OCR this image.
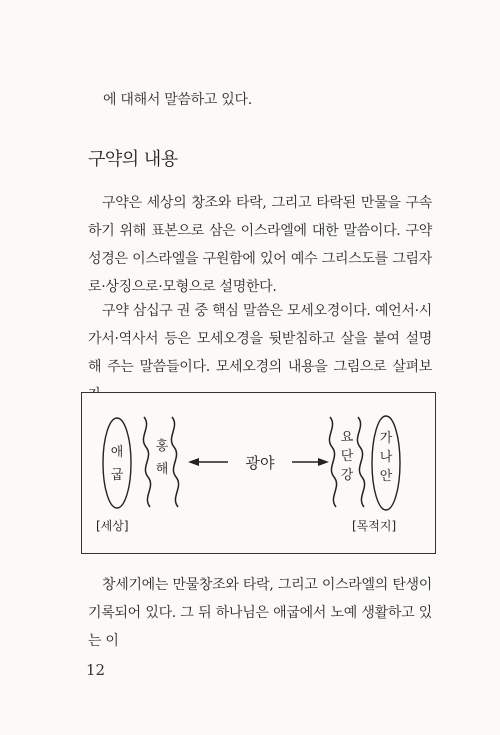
에 대해서 말씀하고 있다.

구약의 내용

구약은 세상의 창조와 타락, 그리고 타락된 만물을 구속하기 위해 표본으로 삼은 이스라엘에 대한 말씀이다. 구약성경은 이스라엘을 구원함에 있어 예수 그리스도를 그림자로·상징으로·모형으로 설명한다.

구약 삼십구 권 중 핵심 말씀은 모세오경이다. 예언서·시가서·역사서 등은 모세오경을 뒷받침하고 살을 붙여 설명해 주는 말씀들이다. 모세오경의 내용을 그림으로 살펴보

애
굽
홍
해	광야
요
단
강
가
나
안
[세상]	[목적지]

창세기에는 만물창조와 타락, 그리고 이스라엘의 탄생이 기록되어 있다. 그 뒤 하나님은 애굽에서 노예 생활하고 있는 이

12
